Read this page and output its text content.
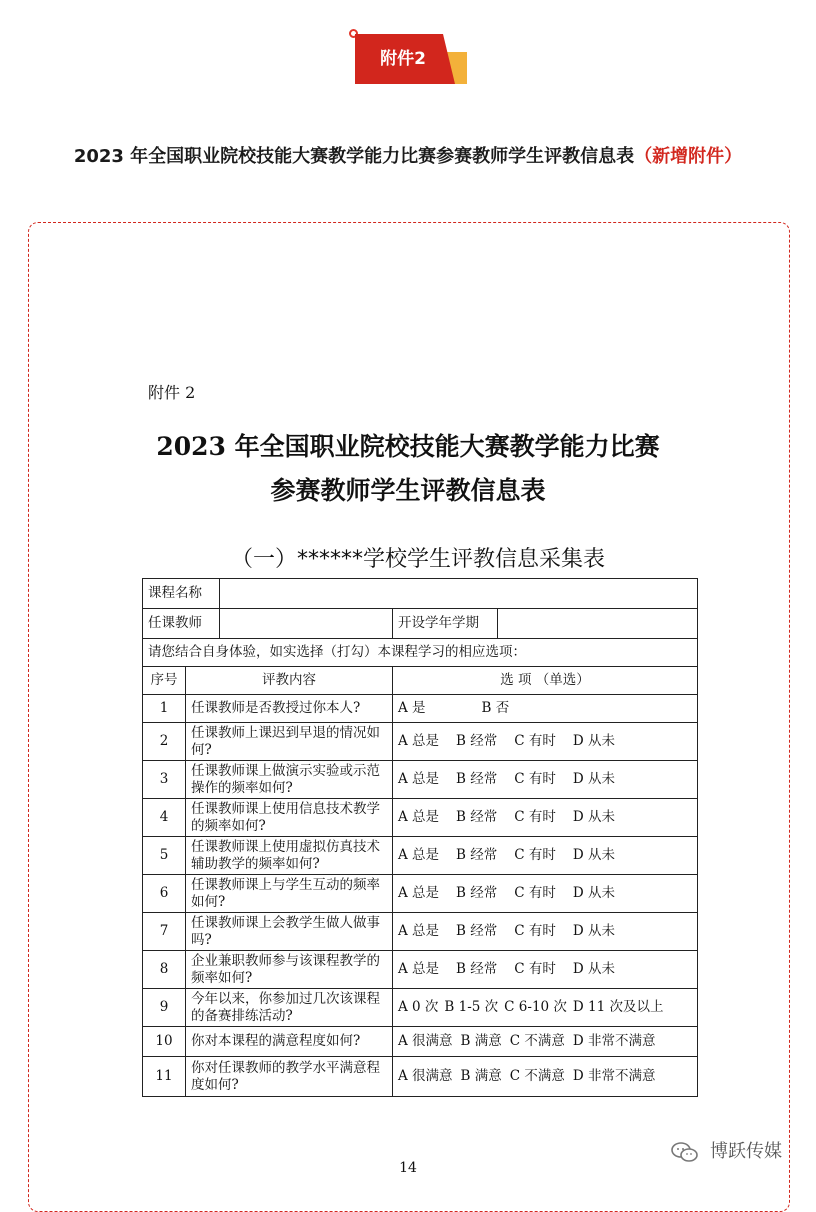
附件2
2023 年全国职业院校技能大赛教学能力比赛参赛教师学生评教信息表（新增附件）
附件 2
2023 年全国职业院校技能大赛教学能力比赛
参赛教师学生评教信息表
（一）******学校学生评教信息采集表
课程名称				
任课教师			开设学年学期	
请您结合自身体验，如实选择（打勾）本课程学习的相应选项：				
序号	评教内容		选 项 （单选）	
1	任课教师是否教授过你本人?		A 是 B 否	
2	任课教师上课迟到早退的情况如何?		A 总是 B 经常 C 有时 D 从未	
3	任课教师课上做演示实验或示范操作的频率如何?		A 总是 B 经常 C 有时 D 从未	
4	任课教师课上使用信息技术教学的频率如何?		A 总是 B 经常 C 有时 D 从未	
5	任课教师课上使用虚拟仿真技术辅助教学的频率如何?		A 总是 B 经常 C 有时 D 从未	
6	任课教师课上与学生互动的频率如何?		A 总是 B 经常 C 有时 D 从未	
7	任课教师课上会教学生做人做事吗?		A 总是 B 经常 C 有时 D 从未	
8	企业兼职教师参与该课程教学的频率如何?		A 总是 B 经常 C 有时 D 从未	
9	今年以来，你参加过几次该课程的备赛排练活动?		A 0 次 B 1-5 次 C 6-10 次 D 11 次及以上	
10	你对本课程的满意程度如何?		A 很满意 B 满意 C 不满意 D 非常不满意	
11	你对任课教师的教学水平满意程度如何?		A 很满意 B 满意 C 不满意 D 非常不满意	
14
博跃传媒
